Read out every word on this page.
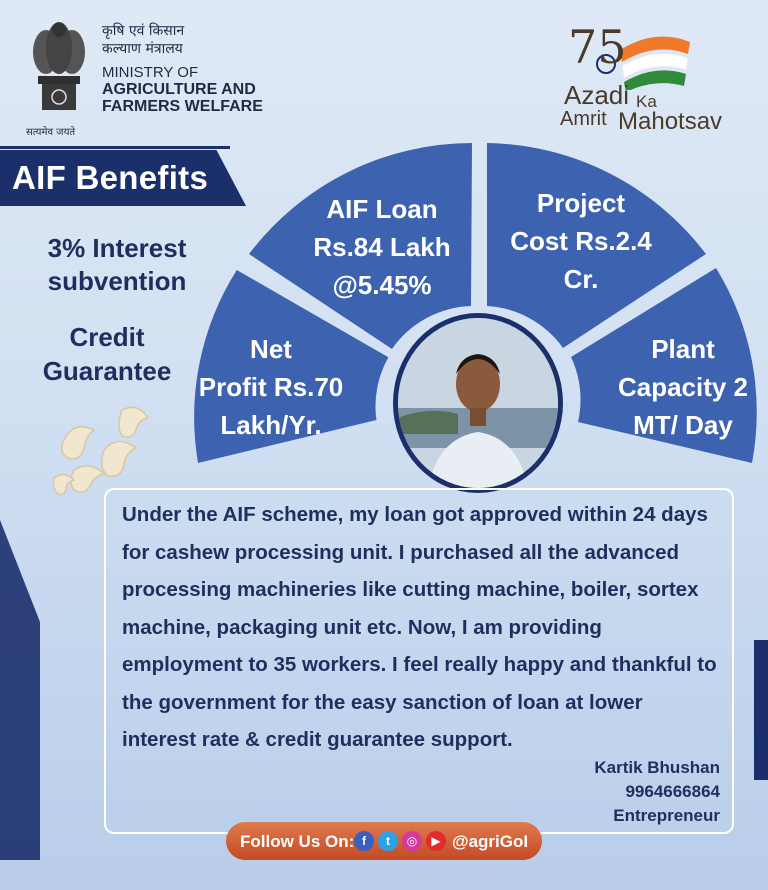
कृषि एवं किसान
कल्याण मंत्रालय
MINISTRY OF
AGRICULTURE AND
FARMERS WELFARE
सत्यमेव जयते
75
Azadi Ka
Amrit Mahotsav
AIF Benefits
3% Interest
subvention
Credit
Guarantee
Net
Profit Rs.70
Lakh/Yr.
AIF Loan
Rs.84 Lakh
@5.45%
Project
Cost Rs.2.4
Cr.
Plant
Capacity 2
MT/ Day
Under the AIF scheme, my loan got approved within 24 days for cashew processing unit. I purchased all the advanced processing machineries like cutting machine, boiler, sortex machine, packaging unit etc. Now, I am providing employment to 35 workers. I feel really happy and thankful to the government for the easy sanction of loan at lower interest rate & credit guarantee support.
Kartik Bhushan
9964666864
Entrepreneur
Follow Us On: f	t	◎	▶ @agriGoI
